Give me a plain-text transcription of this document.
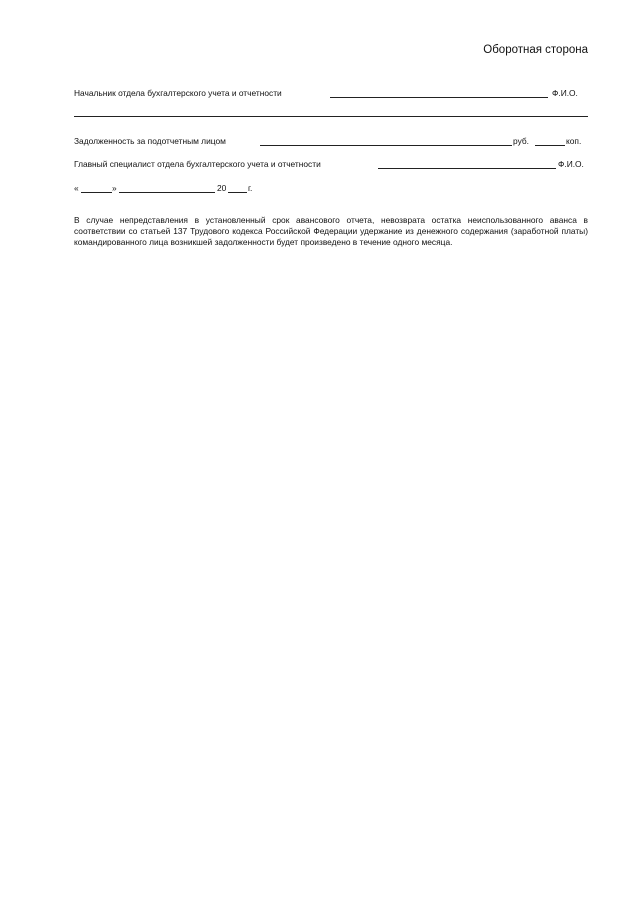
Оборотная сторона
Начальник отдела бухгалтерского учета и отчетности	Ф.И.О.
Задолженность за подотчетным лицом	руб.	коп.
Главный специалист отдела бухгалтерского учета и отчетности	Ф.И.О.
«	»	20	г.
В случае непредставления в установленный срок авансового отчета, невозврата остатка неиспользованного аванса в соответствии со статьей 137 Трудового кодекса Российской Федерации удержание из денежного содержания (заработной платы) командированного лица возникшей задолженности будет произведено в течение одного месяца.
